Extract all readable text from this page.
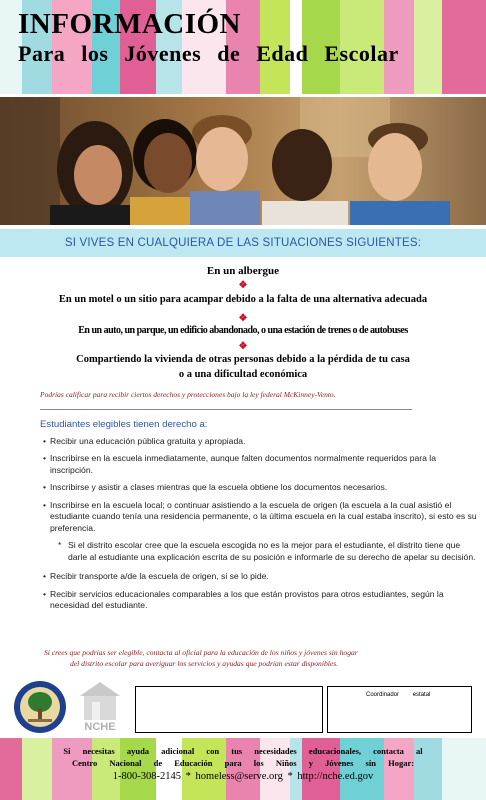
INFORMACIÓN
Para los Jóvenes de Edad Escolar
SI VIVES EN CUALQUIERA DE LAS SITUACIONES SIGUIENTES:
En un albergue
❖
En un motel o un sitio para acampar debido a la falta de una alternativa adecuada
❖
En un auto, un parque, un edificio abandonado, o una estación de trenes o de autobuses
❖
Compartiendo la vivienda de otras personas debido a la pérdida de tu casa
o a una dificultad económica
Podrías calificar para recibir ciertos derechos y protecciones bajo la ley federal McKinney-Vento.
Estudiantes elegibles tienen derecho a:
• Recibir una educación pública gratuita y apropiada.
• Inscribirse en la escuela inmediatamente, aunque falten documentos normalmente requeridos para la inscripción.
• Inscribirse y asistir a clases mientras que la escuela obtiene los documentos necesarios.
• Inscribirse en la escuela local; o continuar asistiendo a la escuela de origen (la escuela a la cual asistió el estudiante cuando tenía una residencia permanente, o la última escuela en la cual estaba inscrito), si esto es su preferencia.
* Si el distrito escolar cree que la escuela escogida no es la mejor para el estudiante, el distrito tiene que darle al estudiante una explicación escrita de su posición e informarle de su derecho de apelar su decisión.
• Recibir transporte a/de la escuela de origen, si se lo pide.
• Recibir servicios educacionales comparables a los que están provistos para otros estudiantes, según la necesidad del estudiante.
Si crees que podrías ser elegible, contacta al oficial para la educación de los niños y jóvenes sin hogar
del distrito escolar para averiguar los servicios y ayudas que podrían estar disponibles.
NCHE
Coordinador estatal
Si necesitas ayuda adicional con tus necesidades educacionales, contacta al
Centro Nacional de Educación para los Niños y Jóvenes sin Hogar:
1-800-308-2145 * homeless@serve.org * http://nche.ed.gov
